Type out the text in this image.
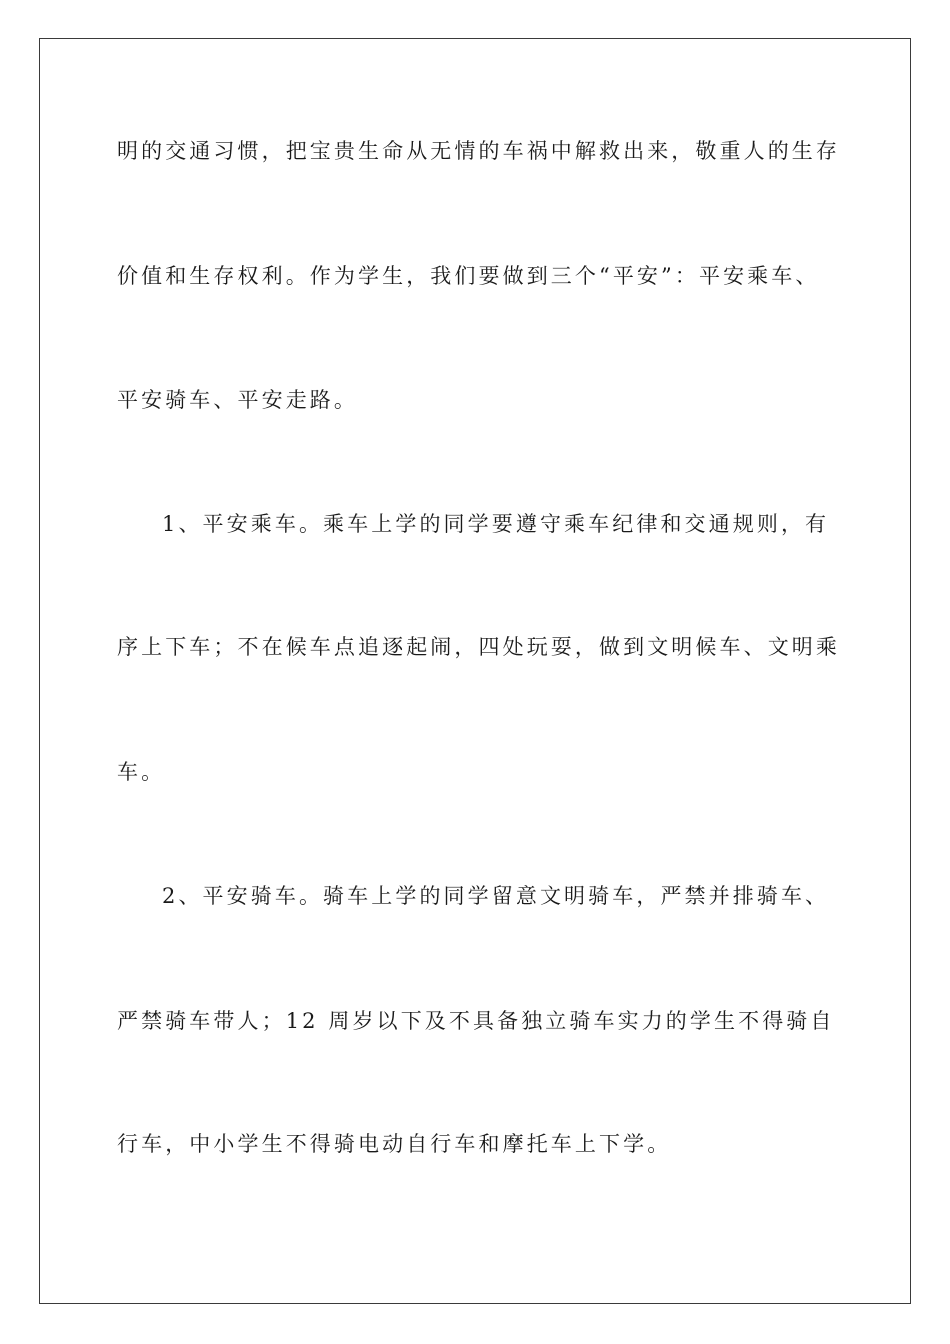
明的交通习惯，把宝贵生命从无情的车祸中解救出来，敬重人的生存
价值和生存权利。作为学生，我们要做到三个“平安”：平安乘车、
平安骑车、平安走路。
1、平安乘车。乘车上学的同学要遵守乘车纪律和交通规则，有
序上下车；不在候车点追逐起闹，四处玩耍，做到文明候车、文明乘
车。
2、平安骑车。骑车上学的同学留意文明骑车，严禁并排骑车、
严禁骑车带人；12 周岁以下及不具备独立骑车实力的学生不得骑自
行车，中小学生不得骑电动自行车和摩托车上下学。
